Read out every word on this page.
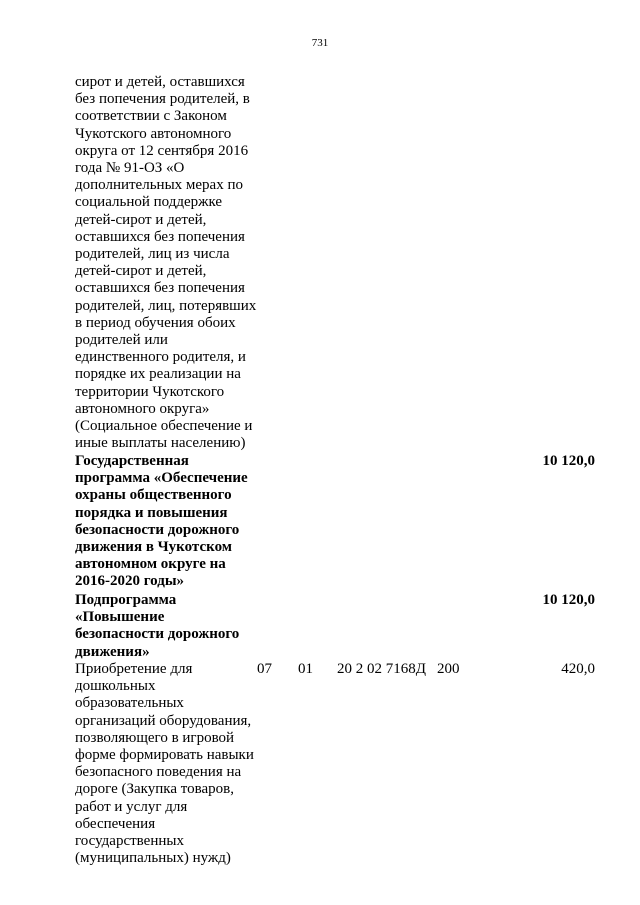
731
сирот и детей, оставшихся
без попечения родителей, в
соответствии с Законом
Чукотского автономного
округа от 12 сентября 2016
года № 91-ОЗ «О
дополнительных мерах по
социальной поддержке
детей-сирот и детей,
оставшихся без попечения
родителей, лиц из числа
детей-сирот и детей,
оставшихся без попечения
родителей, лиц, потерявших
в период обучения обоих
родителей или
единственного родителя, и
порядке их реализации на
территории Чукотского
автономного округа»
(Социальное обеспечение и
иные выплаты населению)
Государственная
программа «Обеспечение
охраны общественного
порядка и повышения
безопасности дорожного
движения в Чукотском
автономном округе на
2016-2020 годы»
10 120,0
Подпрограмма
«Повышение
безопасности дорожного
движения»
10 120,0
Приобретение для
дошкольных
образовательных
организаций оборудования,
позволяющего в игровой
форме формировать навыки
безопасного поведения на
дороге (Закупка товаров,
работ и услуг для
обеспечения
государственных
(муниципальных) нужд)
07 01 20 2 02 7168Д 200	420,0
